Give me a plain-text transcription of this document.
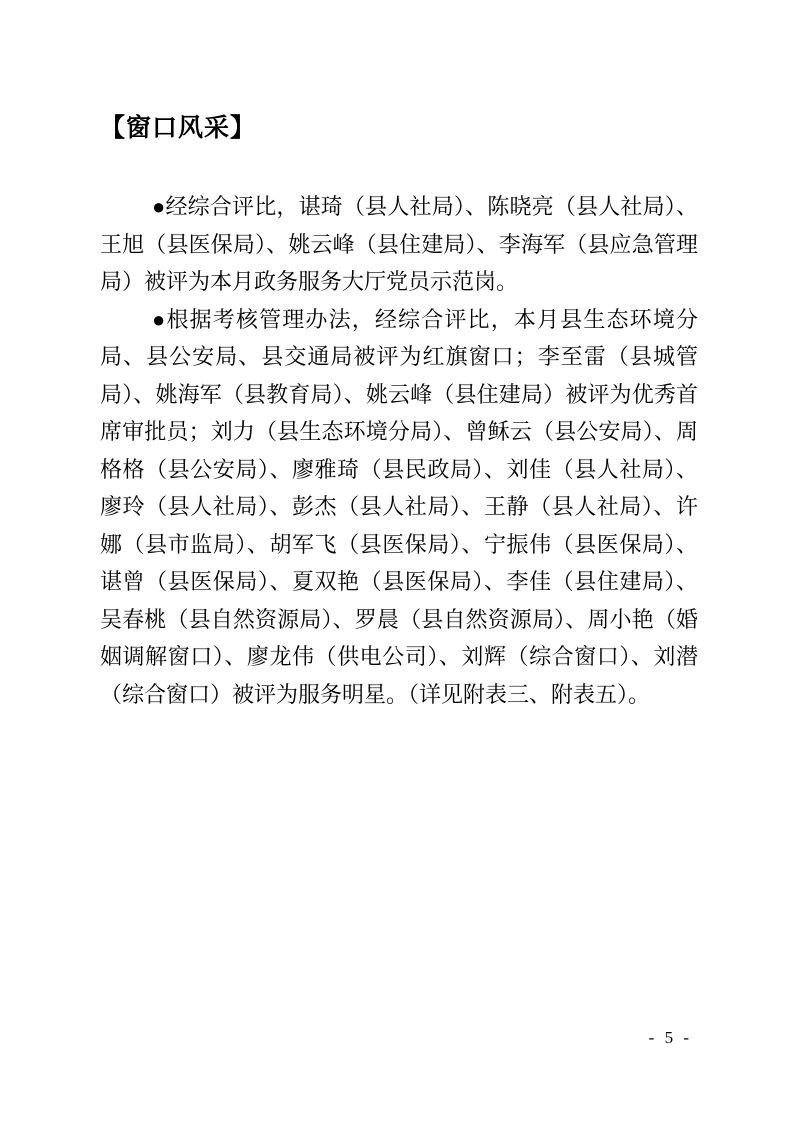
【窗口风采】

●经综合评比，谌琦（县人社局）、陈晓亮（县人社局）、王旭（县医保局）、姚云峰（县住建局）、李海军（县应急管理局）被评为本月政务服务大厅党员示范岗。

●根据考核管理办法，经综合评比，本月县生态环境分局、县公安局、县交通局被评为红旗窗口；李至雷（县城管局）、姚海军（县教育局）、姚云峰（县住建局）被评为优秀首席审批员；刘力（县生态环境分局）、曾稣云（县公安局）、周格格（县公安局）、廖雅琦（县民政局）、刘佳（县人社局）、廖玲（县人社局）、彭杰（县人社局）、王静（县人社局）、许娜（县市监局）、胡军飞（县医保局）、宁振伟（县医保局）、谌曾（县医保局）、夏双艳（县医保局）、李佳（县住建局）、吴春桃（县自然资源局）、罗晨（县自然资源局）、周小艳（婚姻调解窗口）、廖龙伟（供电公司）、刘辉（综合窗口）、刘潜（综合窗口）被评为服务明星。（详见附表三、附表五）。

- 5 -
